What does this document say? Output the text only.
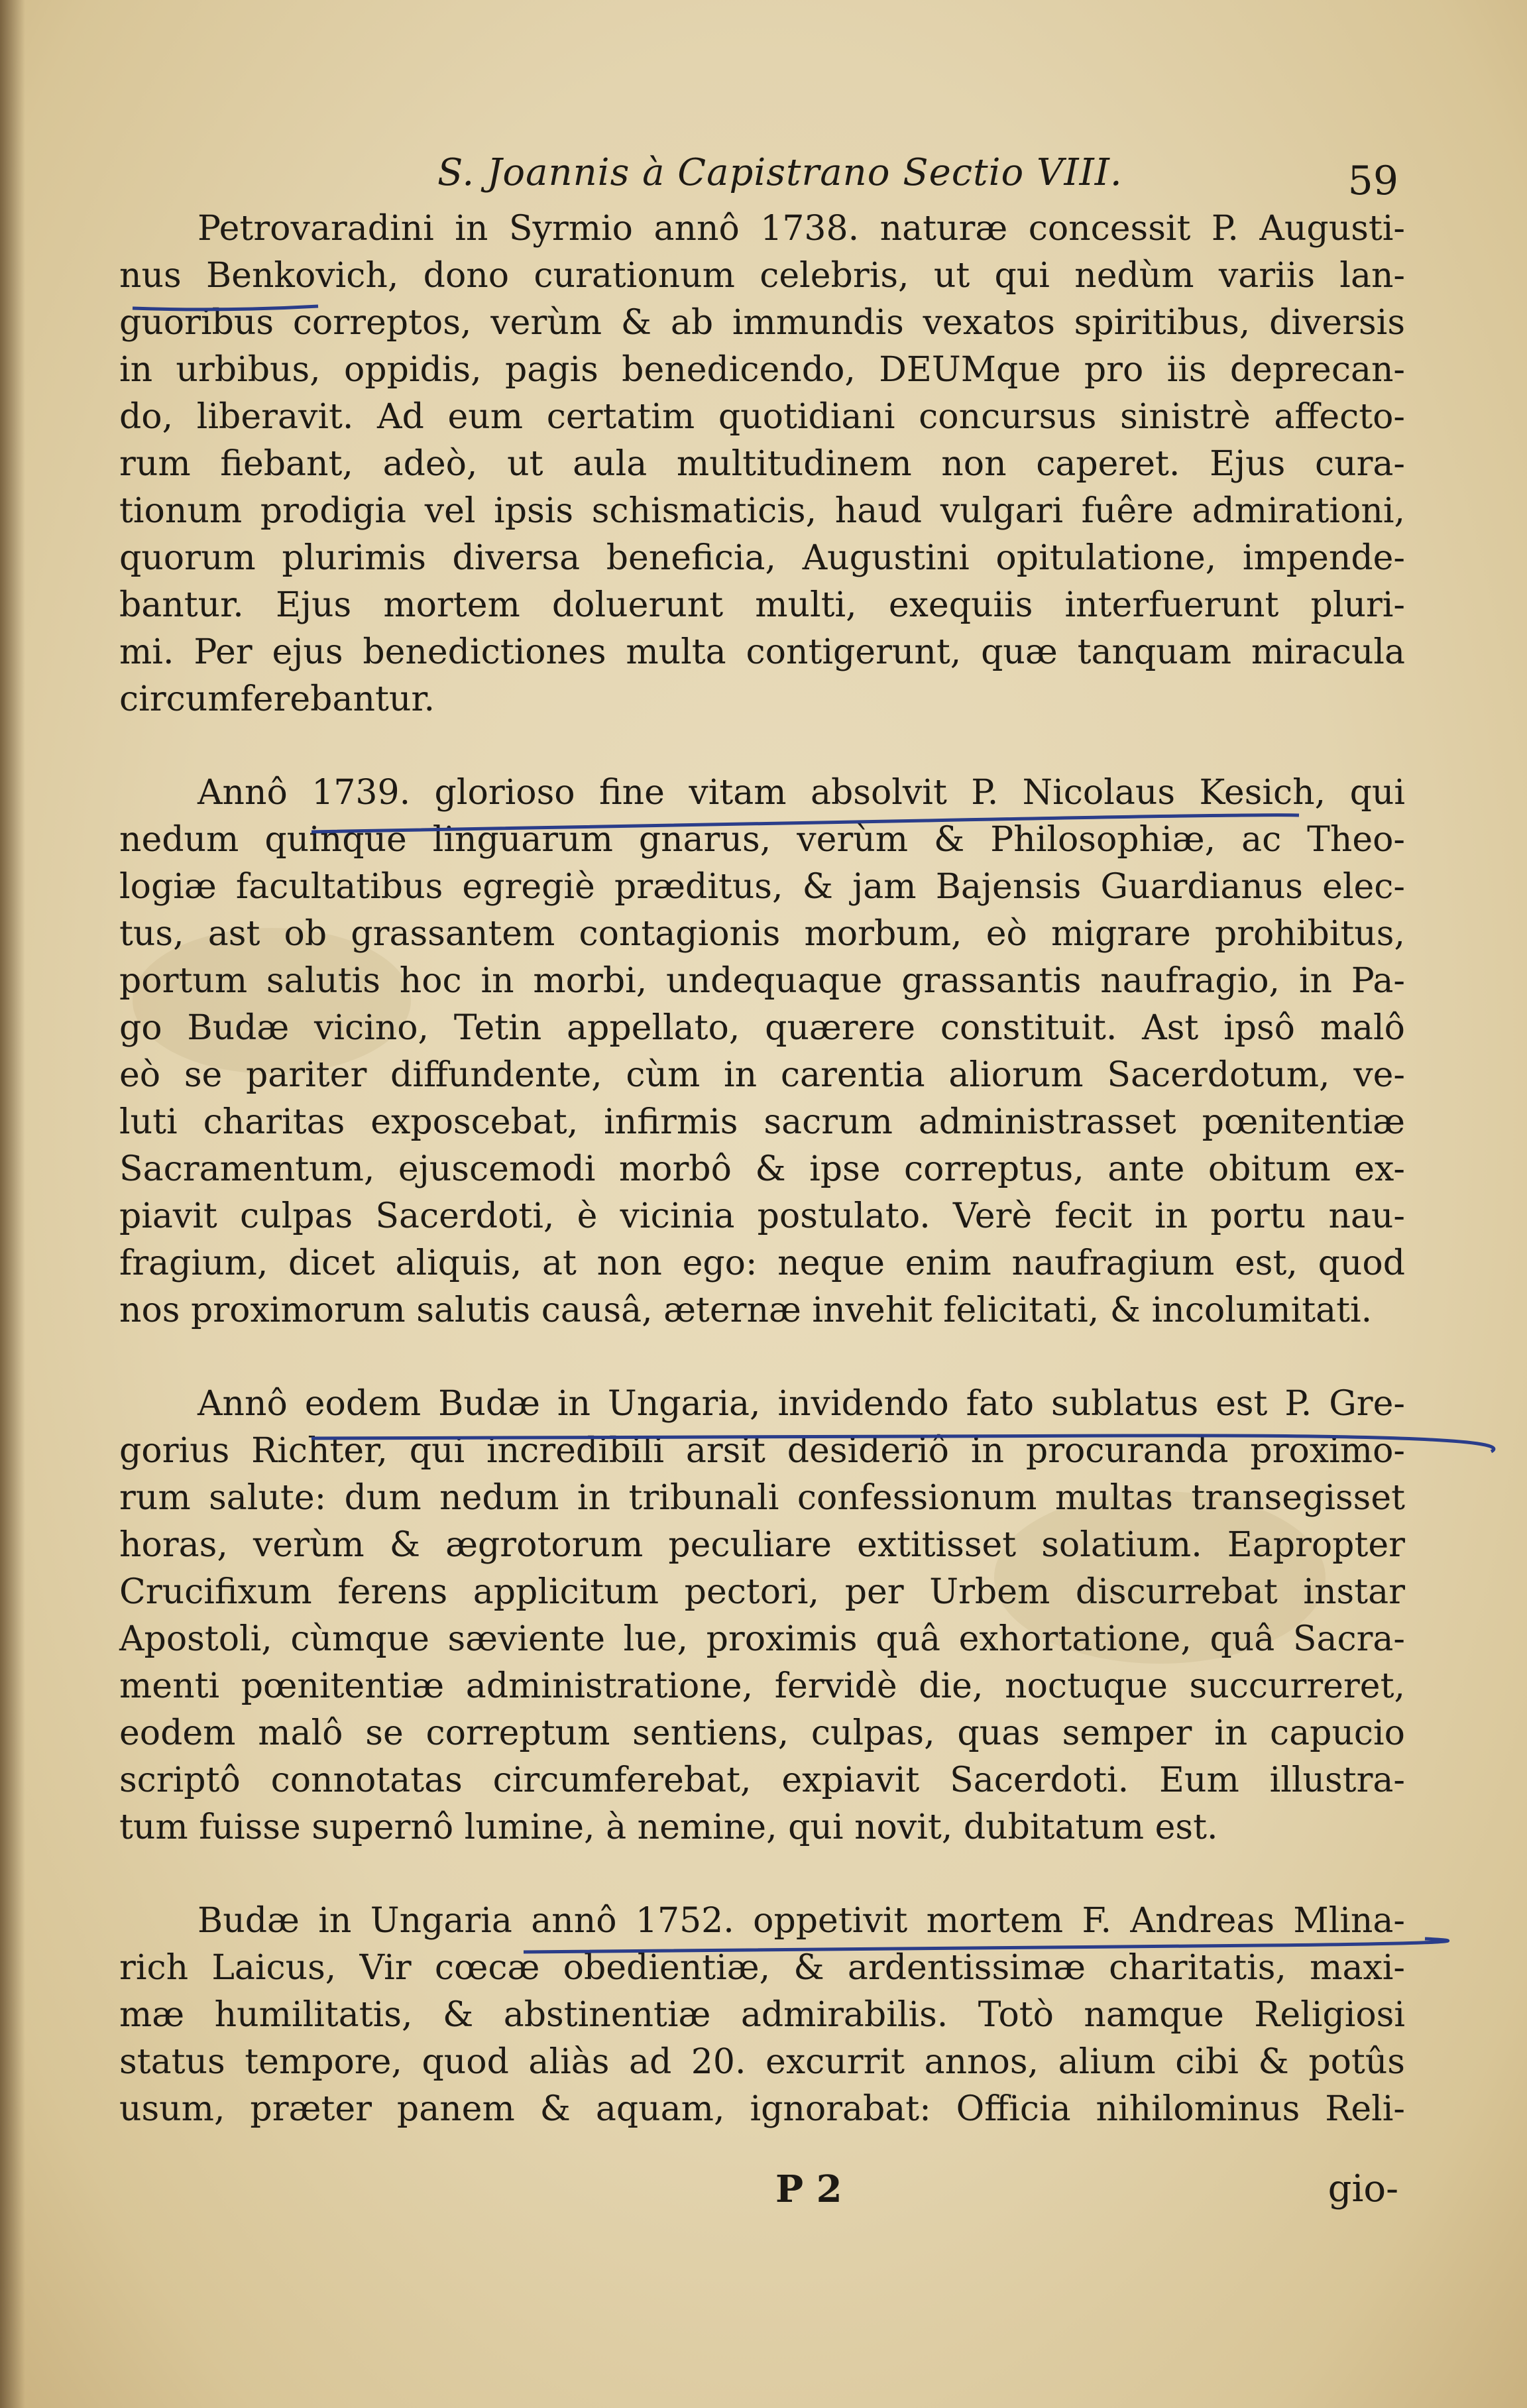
S. Joannis à Capistrano Sectio VIII.	59

Petrovaradini in Syrmio annô 1738. naturæ concessit P. Augusti-
nus Benkovich, dono curationum celebris, ut qui nedùm variis lan-
guoribus correptos, verùm & ab immundis vexatos spiritibus, diversis
in urbibus, oppidis, pagis benedicendo, DEUMque pro iis deprecan-
do, liberavit. Ad eum certatim quotidiani concursus sinistrè affecto-
rum fiebant, adeò, ut aula multitudinem non caperet. Ejus cura-
tionum prodigia vel ipsis schismaticis, haud vulgari fuêre admirationi,
quorum plurimis diversa beneficia, Augustini opitulatione, impende-
bantur. Ejus mortem doluerunt multi, exequiis interfuerunt pluri-
mi. Per ejus benedictiones multa contigerunt, quæ tanquam miracula
circumferebantur.

Annô 1739. glorioso fine vitam absolvit P. Nicolaus Kesich, qui
nedum quinque linguarum gnarus, verùm & Philosophiæ, ac Theo-
logiæ facultatibus egregiè præditus, & jam Bajensis Guardianus elec-
tus, ast ob grassantem contagionis morbum, eò migrare prohibitus,
portum salutis hoc in morbi, undequaque grassantis naufragio, in Pa-
go Budæ vicino, Tetin appellato, quærere constituit. Ast ipsô malô
eò se pariter diffundente, cùm in carentia aliorum Sacerdotum, ve-
luti charitas exposcebat, infirmis sacrum administrasset pœnitentiæ
Sacramentum, ejuscemodi morbô & ipse correptus, ante obitum ex-
piavit culpas Sacerdoti, è vicinia postulato. Verè fecit in portu nau-
fragium, dicet aliquis, at non ego: neque enim naufragium est, quod
nos proximorum salutis causâ, æternæ invehit felicitati, & incolumitati.

Annô eodem Budæ in Ungaria, invidendo fato sublatus est P. Gre-
gorius Richter, qui incredibili arsit desideriô in procuranda proximo-
rum salute: dum nedum in tribunali confessionum multas transegisset
horas, verùm & ægrotorum peculiare extitisset solatium. Eapropter
Crucifixum ferens applicitum pectori, per Urbem discurrebat instar
Apostoli, cùmque sæviente lue, proximis quâ exhortatione, quâ Sacra-
menti pœnitentiæ administratione, fervidè die, noctuque succurreret,
eodem malô se correptum sentiens, culpas, quas semper in capucio
scriptô connotatas circumferebat, expiavit Sacerdoti. Eum illustra-
tum fuisse supernô lumine, à nemine, qui novit, dubitatum est.

Budæ in Ungaria annô 1752. oppetivit mortem F. Andreas Mlina-
rich Laicus, Vir cœcæ obedientiæ, & ardentissimæ charitatis, maxi-
mæ humilitatis, & abstinentiæ admirabilis. Totò namque Religiosi
status tempore, quod aliàs ad 20. excurrit annos, alium cibi & potûs
usum, præter panem & aquam, ignorabat: Officia nihilominus Reli-

P 2	gio-
